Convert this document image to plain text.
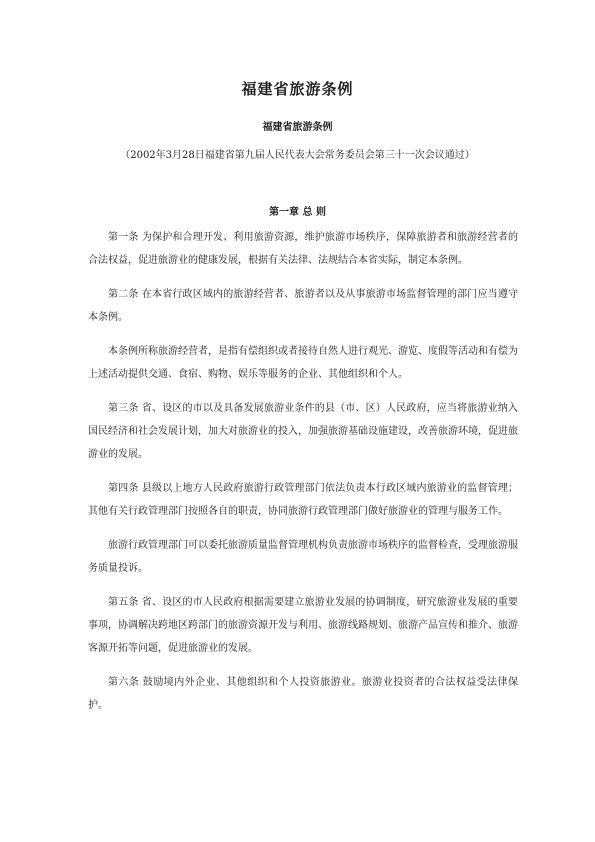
福建省旅游条例
福建省旅游条例
（2002年3月28日福建省第九届人民代表大会常务委员会第三十一次会议通过）
第一章 总 则

第一条 为保护和合理开发、利用旅游资源，维护旅游市场秩序，保障旅游者和旅游经营者的合法权益，促进旅游业的健康发展，根据有关法律、法规结合本省实际，制定本条例。

第二条 在本省行政区域内的旅游经营者、旅游者以及从事旅游市场监督管理的部门应当遵守本条例。

本条例所称旅游经营者，是指有偿组织或者接待自然人进行观光、游览、度假等活动和有偿为上述活动提供交通、食宿、购物、娱乐等服务的企业、其他组织和个人。

第三条 省、设区的市以及具备发展旅游业条件的县（市、区）人民政府，应当将旅游业纳入国民经济和社会发展计划，加大对旅游业的投入，加强旅游基础设施建设，改善旅游环境，促进旅游业的发展。

第四条 县级以上地方人民政府旅游行政管理部门依法负责本行政区域内旅游业的监督管理；其他有关行政管理部门按照各自的职责，协同旅游行政管理部门做好旅游业的管理与服务工作。

旅游行政管理部门可以委托旅游质量监督管理机构负责旅游市场秩序的监督检查，受理旅游服务质量投诉。

第五条 省、设区的市人民政府根据需要建立旅游业发展的协调制度，研究旅游业发展的重要事项，协调解决跨地区跨部门的旅游资源开发与利用、旅游线路规划、旅游产品宣传和推介、旅游客源开拓等问题，促进旅游业的发展。

第六条 鼓励境内外企业、其他组织和个人投资旅游业。旅游业投资者的合法权益受法律保护。
